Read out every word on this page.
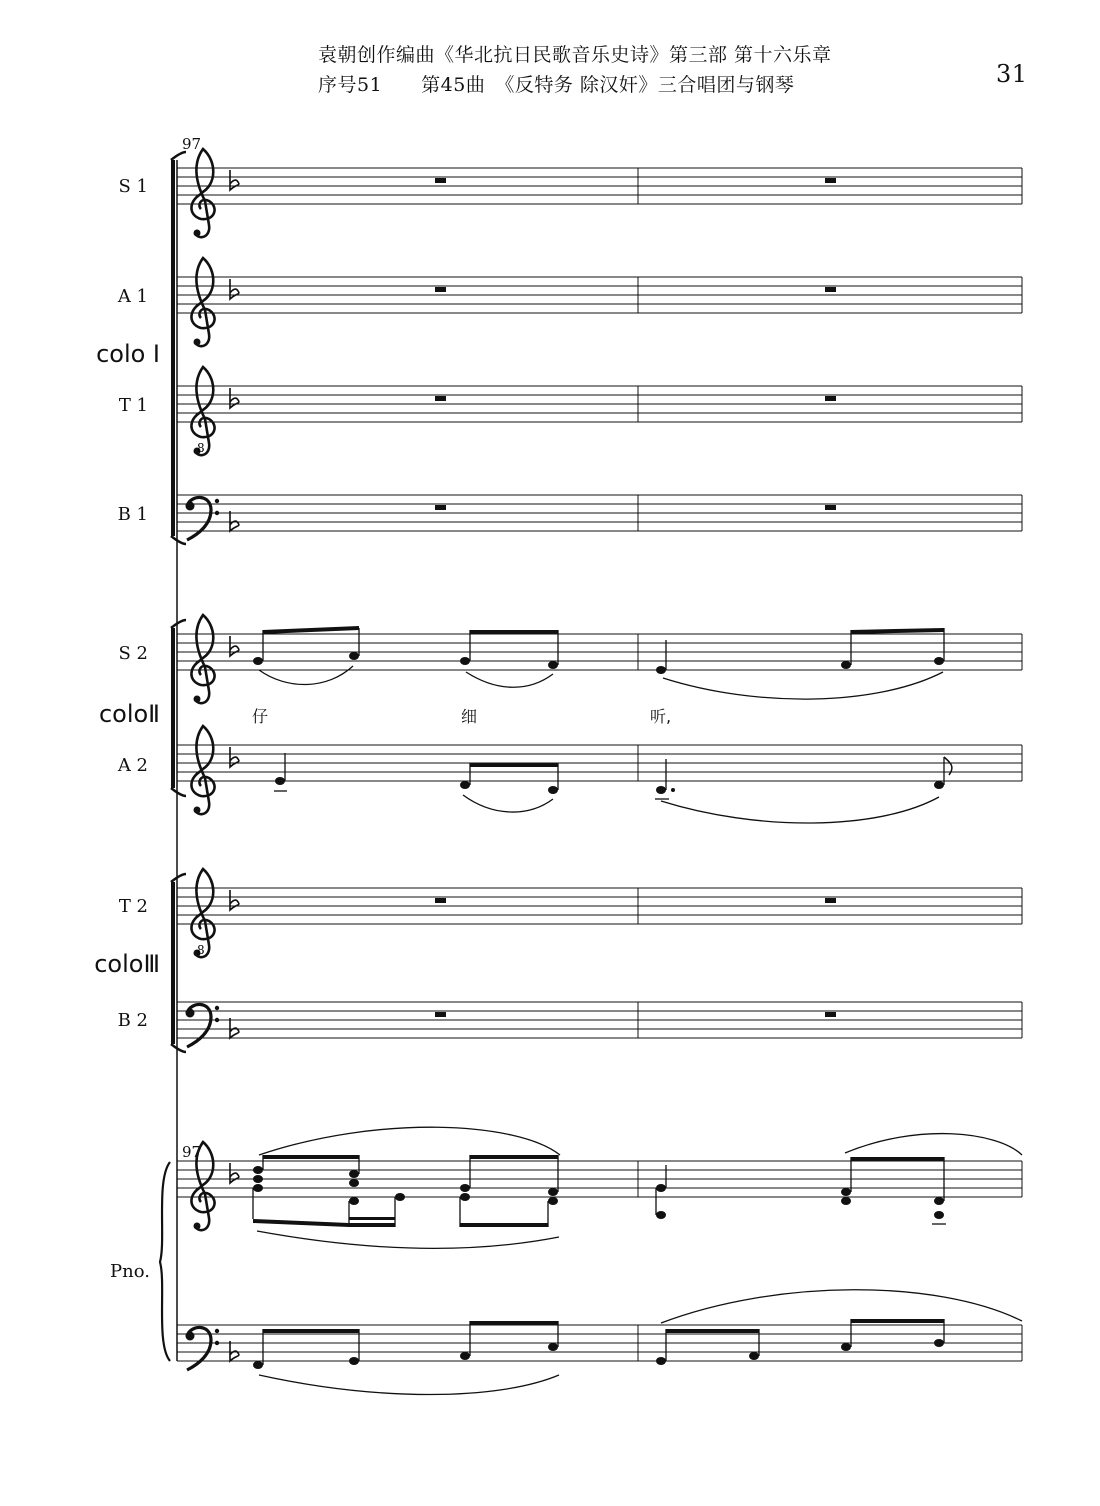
袁朝创作编曲《华北抗日民歌音乐史诗》第三部 第十六乐章
序号51　　第45曲　《反特务 除汉奸》三合唱团与钢琴	31
97
97
S 1
A 1
T 1
B 1
S 2
A 2
T 2
B 2
Pno.
colo Ⅰ
coloⅡ
coloⅢ
仔	细	听,
8
8
